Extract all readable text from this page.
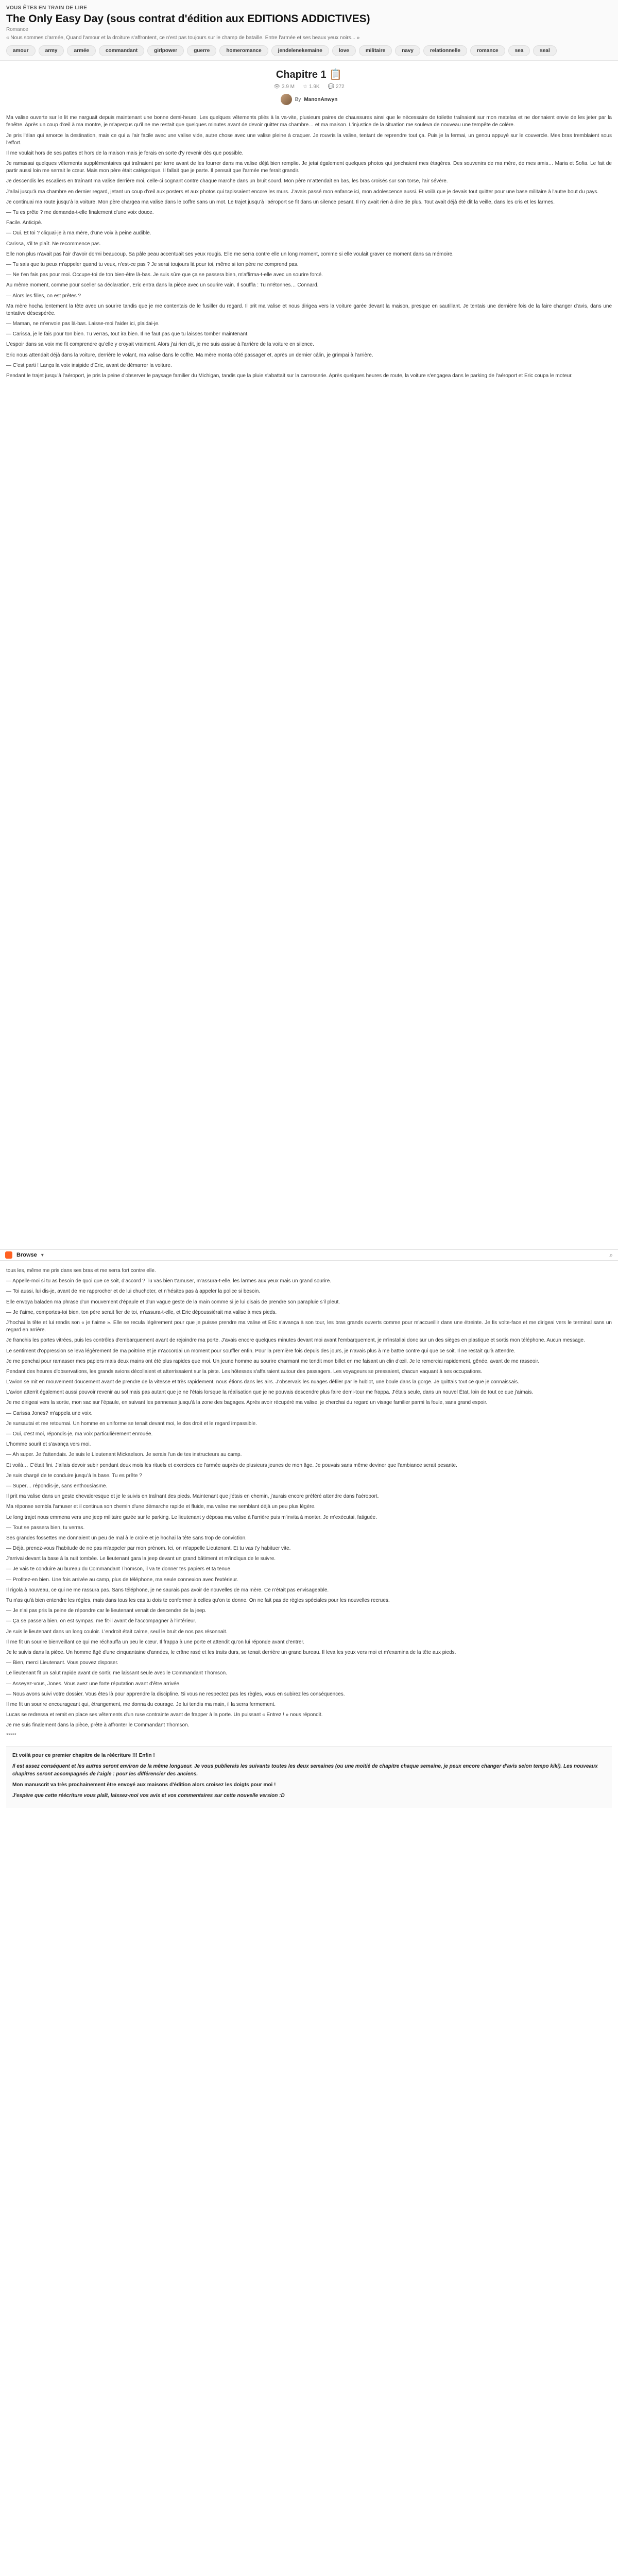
VOUS ÊTES EN TRAIN DE LIRE
The Only Easy Day (sous contrat d'édition aux EDITIONS ADDICTIVES)
Romance
« Nous sommes d'armée, Quand l'amour et la droiture s'affrontent, ce n'est pas toujours sur le champ de bataille. Entre l'armée et ses beaux yeux noirs... »
amour	army	armée	commandant	girlpower	guerre	homeromance	jendelenekemaine	love	militaire	navy	relationnelle	romance	sea	seal
Chapitre 1 📋
👁 3.9 M ☆ 1.9K 💬 272
By ManonAnwyn

Ma valise ouverte sur le lit me narguait depuis maintenant une bonne demi-heure. Les quelques vêtements pliés à la va-vite, plusieurs paires de chaussures ainsi que le nécessaire de toilette traînaient sur mon matelas et ne donnaient envie de les jeter par la fenêtre. Après un coup d'œil à ma montre, je m'aperçus qu'il ne me restait que quelques minutes avant de devoir quitter ma chambre… et ma maison. L'injustice de la situation me souleva de nouveau une tempête de colère.

Je pris l'élan qui amorce la destination, mais ce qui a l'air facile avec une valise vide, autre chose avec une valise pleine à craquer. Je rouvris la valise, tentant de reprendre tout ça. Puis je la fermai, un genou appuyé sur le couvercle. Mes bras tremblaient sous l'effort.

Il me voulait hors de ses pattes et hors de la maison mais je ferais en sorte d'y revenir dès que possible.

Je ramassai quelques vêtements supplémentaires qui traînaient par terre avant de les fourrer dans ma valise déjà bien remplie. Je jetai également quelques photos qui jonchaient mes étagères. Des souvenirs de ma mère, de mes amis… Maria et Sofia. Le fait de partir aussi loin me serrait le cœur. Mais mon père était catégorique. Il fallait que je parte. Il pensait que l'armée me ferait grandir.

Je descendis les escaliers en traînant ma valise derrière moi, celle-ci cognant contre chaque marche dans un bruit sourd. Mon père m'attendait en bas, les bras croisés sur son torse, l'air sévère.

J'allai jusqu'à ma chambre en dernier regard, jetant un coup d'œil aux posters et aux photos qui tapissaient encore les murs. J'avais passé mon enfance ici, mon adolescence aussi. Et voilà que je devais tout quitter pour une base militaire à l'autre bout du pays.

Je continuai ma route jusqu'à la voiture. Mon père chargea ma valise dans le coffre sans un mot. Le trajet jusqu'à l'aéroport se fit dans un silence pesant. Il n'y avait rien à dire de plus. Tout avait déjà été dit la veille, dans les cris et les larmes.

— Tu es prête ? me demanda-t-elle finalement d'une voix douce.

Facile. Anticipé.

— Oui. Et toi ? cliquai-je à ma mère, d'une voix à peine audible.

Carissa, s'il te plaît. Ne recommence pas.

Elle non plus n'avait pas l'air d'avoir dormi beaucoup. Sa pâle peau accentuait ses yeux rougis. Elle me serra contre elle un long moment, comme si elle voulait graver ce moment dans sa mémoire.

— Tu sais que tu peux m'appeler quand tu veux, n'est-ce pas ? Je serai toujours là pour toi, même si ton père ne comprend pas.

— Ne t'en fais pas pour moi. Occupe-toi de ton bien-être là-bas. Je suis sûre que ça se passera bien, m'affirma-t-elle avec un sourire forcé.

Au même moment, comme pour sceller sa déclaration, Eric entra dans la pièce avec un sourire vain. Il souffla : Tu m'étonnes… Connard.

— Alors les filles, on est prêtes ?

Ma mère hocha lentement la tête avec un sourire tandis que je me contentais de le fusiller du regard. Il prit ma valise et nous dirigea vers la voiture garée devant la maison, presque en sautillant. Je tentais une dernière fois de la faire changer d'avis, dans une tentative désespérée.

— Maman, ne m'envoie pas là-bas. Laisse-moi l'aider ici, plaidai-je.

— Carissa, je le fais pour ton bien. Tu verras, tout ira bien. Il ne faut pas que tu laisses tomber maintenant.

L'espoir dans sa voix me fit comprendre qu'elle y croyait vraiment. Alors j'ai rien dit, je me suis assise à l'arrière de la voiture en silence.

Eric nous attendait déjà dans la voiture, derrière le volant, ma valise dans le coffre. Ma mère monta côté passager et, après un dernier câlin, je grimpai à l'arrière.

— C'est parti ! Lança la voix insipide d'Eric, avant de démarrer la voiture.

Pendant le trajet jusqu'à l'aéroport, je pris la peine d'observer le paysage familier du Michigan, tandis que la pluie s'abattait sur la carrosserie. Après quelques heures de route, la voiture s'engagea dans le parking de l'aéroport et Eric coupa le moteur.

Browse ▾	⌕

tous les, même me pris dans ses bras et me serra fort contre elle.

— Appelle-moi si tu as besoin de quoi que ce soit, d'accord ? Tu vas bien t'amuser, m'assura-t-elle, les larmes aux yeux mais un grand sourire.

— Toi aussi, lui dis-je, avant de me rapprocher et de lui chuchoter, et n'hésites pas à appeler la police si besoin.

Elle envoya baladen ma phrase d'un mouvement d'épaule et d'un vague geste de la main comme si je lui disais de prendre son parapluie s'il pleut.

— Je t'aime, comportes-toi bien, ton père serait fier de toi, m'assura-t-elle, et Eric dépoussiérait ma valise à mes pieds.

J'hochai la tête et lui rendis son « je t'aime ». Elle se recula légèrement pour que je puisse prendre ma valise et Eric s'avança à son tour, les bras grands ouverts comme pour m'accueillir dans une étreinte. Je fis volte-face et me dirigeai vers le terminal sans un regard en arrière.

Je franchis les portes vitrées, puis les contrôles d'embarquement avant de rejoindre ma porte. J'avais encore quelques minutes devant moi avant l'embarquement, je m'installai donc sur un des sièges en plastique et sortis mon téléphone. Aucun message.

Le sentiment d'oppression se leva légèrement de ma poitrine et je m'accordai un moment pour souffler enfin. Pour la première fois depuis des jours, je n'avais plus à me battre contre qui que ce soit. Il ne restait qu'à attendre.

Je me penchai pour ramasser mes papiers mais deux mains ont été plus rapides que moi. Un jeune homme au sourire charmant me tendit mon billet en me faisant un clin d'œil. Je le remerciai rapidement, gênée, avant de me rasseoir.

Pendant des heures d'observations, les grands avions décollaient et atterrissaient sur la piste. Les hôtesses s'affairaient autour des passagers. Les voyageurs se pressaient, chacun vaquant à ses occupations.

L'avion se mit en mouvement doucement avant de prendre de la vitesse et très rapidement, nous étions dans les airs. J'observais les nuages défiler par le hublot, une boule dans la gorge. Je quittais tout ce que je connaissais.

L'avion atterrit également aussi pouvoir revenir au sol mais pas autant que je ne l'étais lorsque la réalisation que je ne pouvais descendre plus faire demi-tour me frappa. J'étais seule, dans un nouvel État, loin de tout ce que j'aimais.

Je me dirigeai vers la sortie, mon sac sur l'épaule, en suivant les panneaux jusqu'à la zone des bagages. Après avoir récupéré ma valise, je cherchai du regard un visage familier parmi la foule, sans grand espoir.

— Carissa Jones? m'appela une voix.

Je sursautai et me retournai. Un homme en uniforme se tenait devant moi, le dos droit et le regard impassible.

— Oui, c'est moi, répondis-je, ma voix particulièrement enrouée.

L'homme sourit et s'avança vers moi.

— Ah super. Je t'attendais. Je suis le Lieutenant Mickaelson. Je serais l'un de tes instructeurs au camp.

Et voilà… C'était fini. J'allais devoir subir pendant deux mois les rituels et exercices de l'armée auprès de plusieurs jeunes de mon âge. Je pouvais sans même deviner que l'ambiance serait pesante.

Je suis chargé de te conduire jusqu'à la base. Tu es prête ?

— Super… répondis-je, sans enthousiasme.

Il prit ma valise dans un geste chevaleresque et je le suivis en traînant des pieds. Maintenant que j'étais en chemin, j'aurais encore préféré attendre dans l'aéroport.

Ma réponse sembla l'amuser et il continua son chemin d'une démarche rapide et fluide, ma valise me semblant déjà un peu plus légère.

Le long trajet nous emmena vers une jeep militaire garée sur le parking. Le lieutenant y déposa ma valise à l'arrière puis m'invita à monter. Je m'exécutai, fatiguée.

— Tout se passera bien, tu verras.

Ses grandes fossettes me donnaient un peu de mal à le croire et je hochai la tête sans trop de conviction.

— Déjà, prenez-vous l'habitude de ne pas m'appeler par mon prénom. Ici, on m'appelle Lieutenant. Et tu vas t'y habituer vite.

J'arrivai devant la base à la nuit tombée. Le lieutenant gara la jeep devant un grand bâtiment et m'indiqua de le suivre.

— Je vais te conduire au bureau du Commandant Thomson, il va te donner tes papiers et ta tenue.

— Profitez-en bien. Une fois arrivée au camp, plus de téléphone, ma seule connexion avec l'extérieur.

Il rigola à nouveau, ce qui ne me rassura pas. Sans téléphone, je ne saurais pas avoir de nouvelles de ma mère. Ce n'était pas envisageable.

Tu n'as qu'à bien entendre les règles, mais dans tous les cas tu dois te conformer à celles qu'on te donne. On ne fait pas de règles spéciales pour les nouvelles recrues.

— Je n'ai pas pris la peine de répondre car le lieutenant venait de descendre de la jeep.

— Ça se passera bien, on est sympas, me fit-il avant de l'accompagner à l'intérieur.

Je suis le lieutenant dans un long couloir. L'endroit était calme, seul le bruit de nos pas résonnait.

Il me fit un sourire bienveillant ce qui me réchauffa un peu le cœur. Il frappa à une porte et attendit qu'on lui réponde avant d'entrer.

Je le suivis dans la pièce. Un homme âgé d'une cinquantaine d'années, le crâne rasé et les traits durs, se tenait derrière un grand bureau. Il leva les yeux vers moi et m'examina de la tête aux pieds.

— Bien, merci Lieutenant. Vous pouvez disposer.

Le lieutenant fit un salut rapide avant de sortir, me laissant seule avec le Commandant Thomson.

— Asseyez-vous, Jones. Vous avez une forte réputation avant d'être arrivée.

— Nous avons suivi votre dossier. Vous êtes là pour apprendre la discipline. Si vous ne respectez pas les règles, vous en subirez les conséquences.

Il me fit un sourire encourageant qui, étrangement, me donna du courage. Je lui tendis ma main, il la serra fermement.

Lucas se redressa et remit en place ses vêtements d'un ruse contrainte avant de frapper à la porte. Un puissant « Entrez ! » nous répondit.

Je me suis finalement dans la pièce, prête à affronter le Commandant Thomson.

*****

Et voilà pour ce premier chapitre de la réécriture !!! Enfin !

Il est assez conséquent et les autres seront environ de la même longueur. Je vous publierais les suivants toutes les deux semaines (ou une moitié de chapitre chaque semaine, je peux encore changer d'avis selon tempo kiki). Les nouveaux chapitres seront accompagnés de l'aigle : pour les différencier des anciens.

Mon manuscrit va très prochainement être envoyé aux maisons d'édition alors croisez les doigts pour moi !

J'espère que cette réécriture vous plaît, laissez-moi vos avis et vos commentaires sur cette nouvelle version :D
